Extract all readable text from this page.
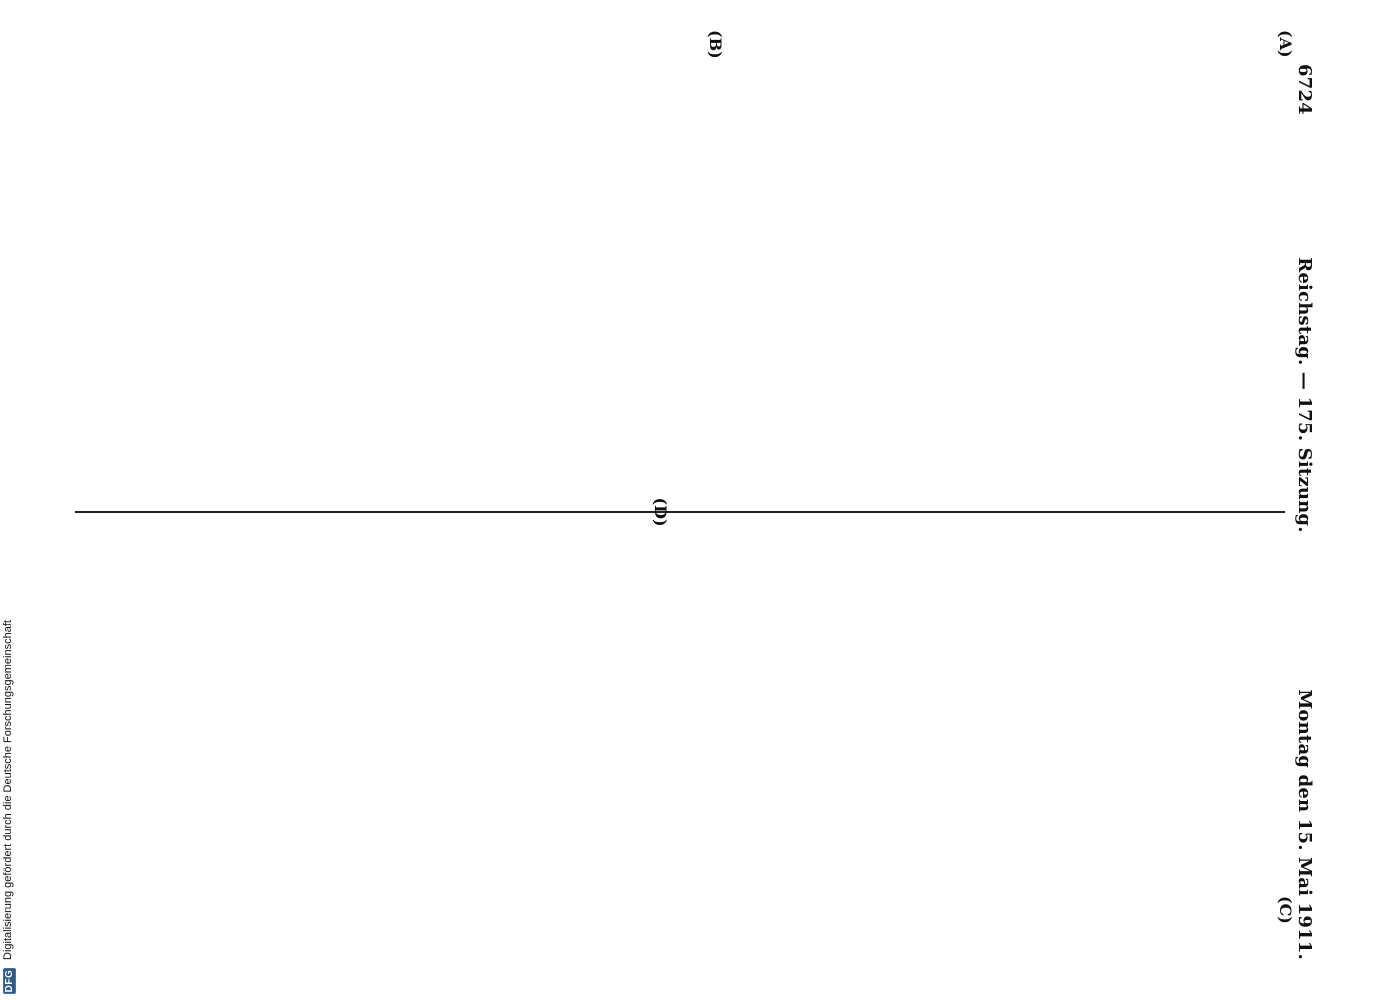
Digitalisierung gefördert durch die Deutsche Forschungsgemeinschaft
DFG
6724                      Reichstag. — 175. Sitzung.
Montag den 15. Mai 1911.
(A)
(B)
(C)
(D)
